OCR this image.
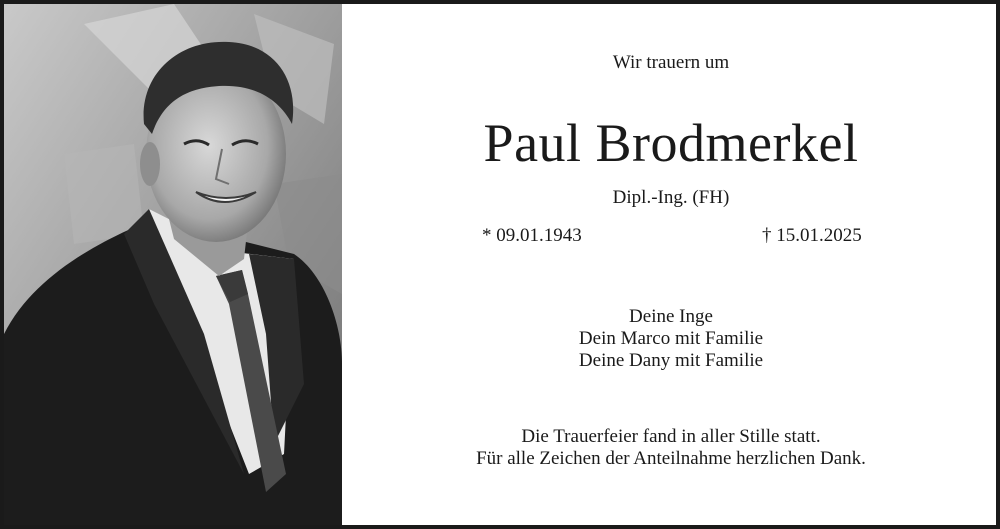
Wir trauern um
Paul Brodmerkel
Dipl.-Ing. (FH)
* 09.01.1943	† 15.01.2025
Deine Inge
Dein Marco mit Familie
Deine Dany mit Familie
Die Trauerfeier fand in aller Stille statt.
Für alle Zeichen der Anteilnahme herzlichen Dank.
